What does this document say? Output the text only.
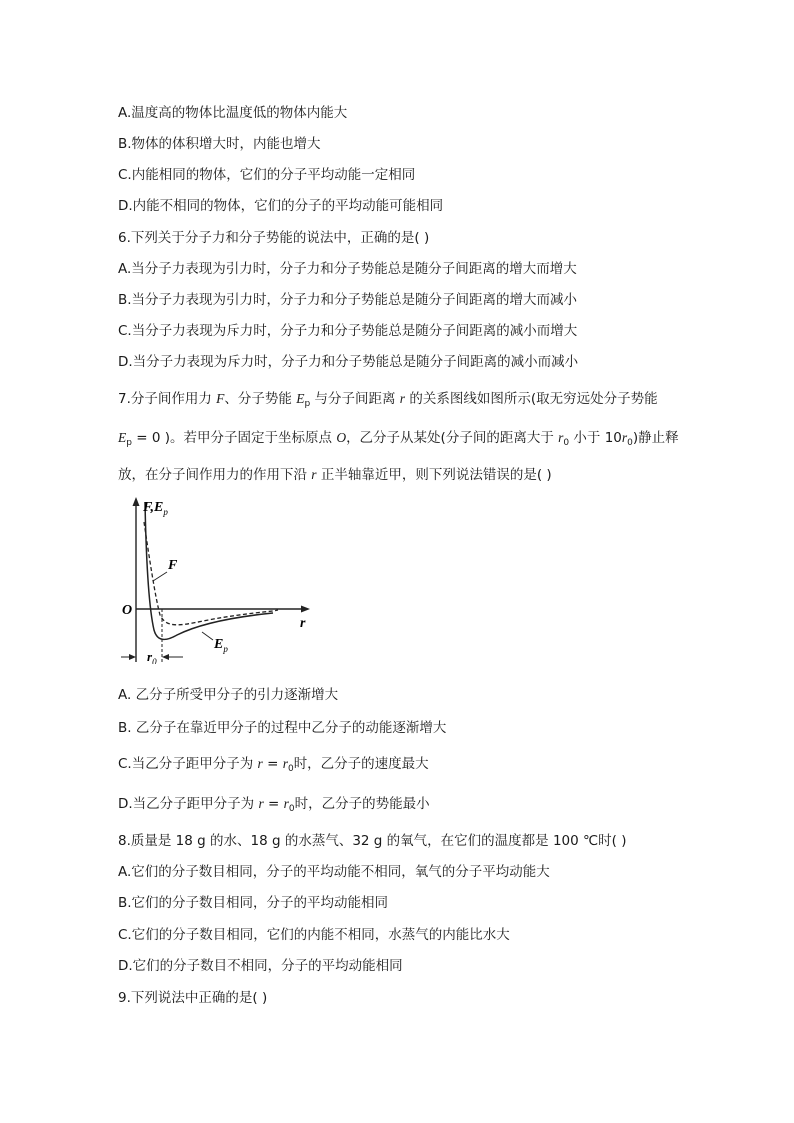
A.温度高的物体比温度低的物体内能大
B.物体的体积增大时，内能也增大
C.内能相同的物体，它们的分子平均动能一定相同
D.内能不相同的物体，它们的分子的平均动能可能相同
6.下列关于分子力和分子势能的说法中，正确的是( )
A.当分子力表现为引力时，分子力和分子势能总是随分子间距离的增大而增大
B.当分子力表现为引力时，分子力和分子势能总是随分子间距离的增大而减小
C.当分子力表现为斥力时，分子力和分子势能总是随分子间距离的减小而增大
D.当分子力表现为斥力时，分子力和分子势能总是随分子间距离的减小而减小
7.分子间作用力 F、分子势能 $E_p$ 与分子间距离 r 的关系图线如图所示(取无穷远处分子势能
$E_p = 0$ )。若甲分子固定于坐标原点 O，乙分子从某处(分子间的距离大于 $r_0$ 小于 $10r_0$)静止释
放，在分子间作用力的作用下沿 r 正半轴靠近甲，则下列说法错误的是( )
$F,E_p$
F
O
r
$E_p$
$r_0$
A. 乙分子所受甲分子的引力逐渐增大
B. 乙分子在靠近甲分子的过程中乙分子的动能逐渐增大
C.当乙分子距甲分子为 $r = r_0$时，乙分子的速度最大
D.当乙分子距甲分子为 $r = r_0$时，乙分子的势能最小
8.质量是 18 g 的水、18 g 的水蒸气、32 g 的氧气，在它们的温度都是 100 ℃时( )
A.它们的分子数目相同，分子的平均动能不相同，氧气的分子平均动能大
B.它们的分子数目相同，分子的平均动能相同
C.它们的分子数目相同，它们的内能不相同，水蒸气的内能比水大
D.它们的分子数目不相同，分子的平均动能相同
9.下列说法中正确的是( )
